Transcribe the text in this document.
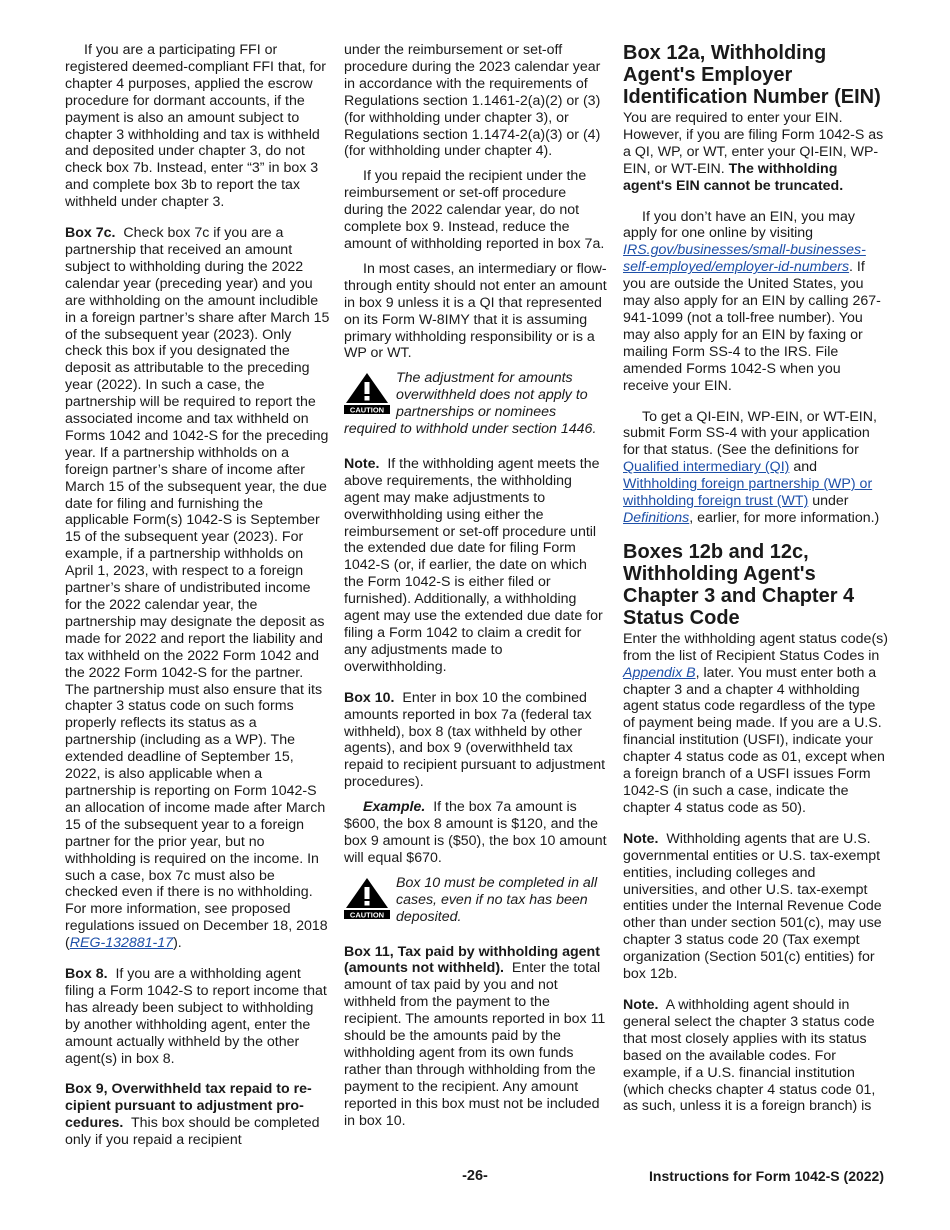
If you are a participating FFI or registered deemed-compliant FFI that, for chapter 4 purposes, applied the escrow procedure for dormant accounts, if the payment is also an amount subject to chapter 3 withholding and tax is withheld and deposited under chapter 3, do not check box 7b. Instead, enter “3” in box 3 and complete box 3b to report the tax withheld under chapter 3.

Box 7c. Check box 7c if you are a partnership that received an amount subject to withholding during the 2022 calendar year (preceding year) and you are withholding on the amount includible in a foreign partner’s share after March 15 of the subsequent year (2023). Only check this box if you designated the deposit as attributable to the preceding year (2022). In such a case, the partnership will be required to report the associated income and tax withheld on Forms 1042 and 1042-S for the preceding year. If a partnership withholds on a foreign partner’s share of income after March 15 of the subsequent year, the due date for filing and furnishing the applicable Form(s) 1042-S is September 15 of the subsequent year (2023). For example, if a partnership withholds on April 1, 2023, with respect to a foreign partner’s share of undistributed income for the 2022 calendar year, the partnership may designate the deposit as made for 2022 and report the liability and tax withheld on the 2022 Form 1042 and the 2022 Form 1042-S for the partner. The partnership must also ensure that its chapter 3 status code on such forms properly reflects its status as a partnership (including as a WP). The extended deadline of September 15, 2022, is also applicable when a partnership is reporting on Form 1042-S an allocation of income made after March 15 of the subsequent year to a foreign partner for the prior year, but no withholding is required on the income. In such a case, box 7c must also be checked even if there is no withholding. For more information, see proposed regulations issued on December 18, 2018 (REG-132881-17).

Box 8. If you are a withholding agent filing a Form 1042-S to report income that has already been subject to withholding by another withholding agent, enter the amount actually withheld by the other agent(s) in box 8.

Box 9, Overwithheld tax repaid to re-cipient pursuant to adjustment pro-cedures. This box should be completed only if you repaid a recipient

under the reimbursement or set-off procedure during the 2023 calendar year in accordance with the requirements of Regulations section 1.1461-2(a)(2) or (3) (for withholding under chapter 3), or Regulations section 1.1474-2(a)(3) or (4) (for withholding under chapter 4).

If you repaid the recipient under the reimbursement or set-off procedure during the 2022 calendar year, do not complete box 9. Instead, reduce the amount of withholding reported in box 7a.

In most cases, an intermediary or flow-through entity should not enter an amount in box 9 unless it is a QI that represented on its Form W-8IMY that it is assuming primary withholding responsibility or is a WP or WT.

CAUTION
The adjustment for amounts overwithheld does not apply to partnerships or nominees required to withhold under section 1446.

Note. If the withholding agent meets the above requirements, the withholding agent may make adjustments to overwithholding using either the reimbursement or set-off procedure until the extended due date for filing Form 1042-S (or, if earlier, the date on which the Form 1042-S is either filed or furnished). Additionally, a withholding agent may use the extended due date for filing a Form 1042 to claim a credit for any adjustments made to overwithholding.

Box 10. Enter in box 10 the combined amounts reported in box 7a (federal tax withheld), box 8 (tax withheld by other agents), and box 9 (overwithheld tax repaid to recipient pursuant to adjustment procedures).

Example. If the box 7a amount is $600, the box 8 amount is $120, and the box 9 amount is ($50), the box 10 amount will equal $670.

CAUTION
Box 10 must be completed in all cases, even if no tax has been deposited.

Box 11, Tax paid by withholding agent (amounts not withheld). Enter the total amount of tax paid by you and not withheld from the payment to the recipient. The amounts reported in box 11 should be the amounts paid by the withholding agent from its own funds rather than through withholding from the payment to the recipient. Any amount reported in this box must not be included in box 10.

Box 12a, Withholding Agent's Employer Identification Number (EIN)

You are required to enter your EIN. However, if you are filing Form 1042-S as a QI, WP, or WT, enter your QI-EIN, WP-EIN, or WT-EIN. The withholding agent's EIN cannot be truncated.

If you don’t have an EIN, you may apply for one online by visiting IRS.gov/businesses/small-businesses-self-employed/employer-id-numbers. If you are outside the United States, you may also apply for an EIN by calling 267-941-1099 (not a toll-free number). You may also apply for an EIN by faxing or mailing Form SS-4 to the IRS. File amended Forms 1042-S when you receive your EIN.

To get a QI-EIN, WP-EIN, or WT-EIN, submit Form SS-4 with your application for that status. (See the definitions for Qualified intermediary (QI) and Withholding foreign partnership (WP) or withholding foreign trust (WT) under Definitions, earlier, for more information.)

Boxes 12b and 12c, Withholding Agent's Chapter 3 and Chapter 4 Status Code

Enter the withholding agent status code(s) from the list of Recipient Status Codes in Appendix B, later. You must enter both a chapter 3 and a chapter 4 withholding agent status code regardless of the type of payment being made. If you are a U.S. financial institution (USFI), indicate your chapter 4 status code as 01, except when a foreign branch of a USFI issues Form 1042-S (in such a case, indicate the chapter 4 status code as 50).

Note. Withholding agents that are U.S. governmental entities or U.S. tax-exempt entities, including colleges and universities, and other U.S. tax-exempt entities under the Internal Revenue Code other than under section 501(c), may use chapter 3 status code 20 (Tax exempt organization (Section 501(c) entities) for box 12b.

Note. A withholding agent should in general select the chapter 3 status code that most closely applies with its status based on the available codes. For example, if a U.S. financial institution (which checks chapter 4 status code 01, as such, unless it is a foreign branch) is

-26-	Instructions for Form 1042-S (2022)
